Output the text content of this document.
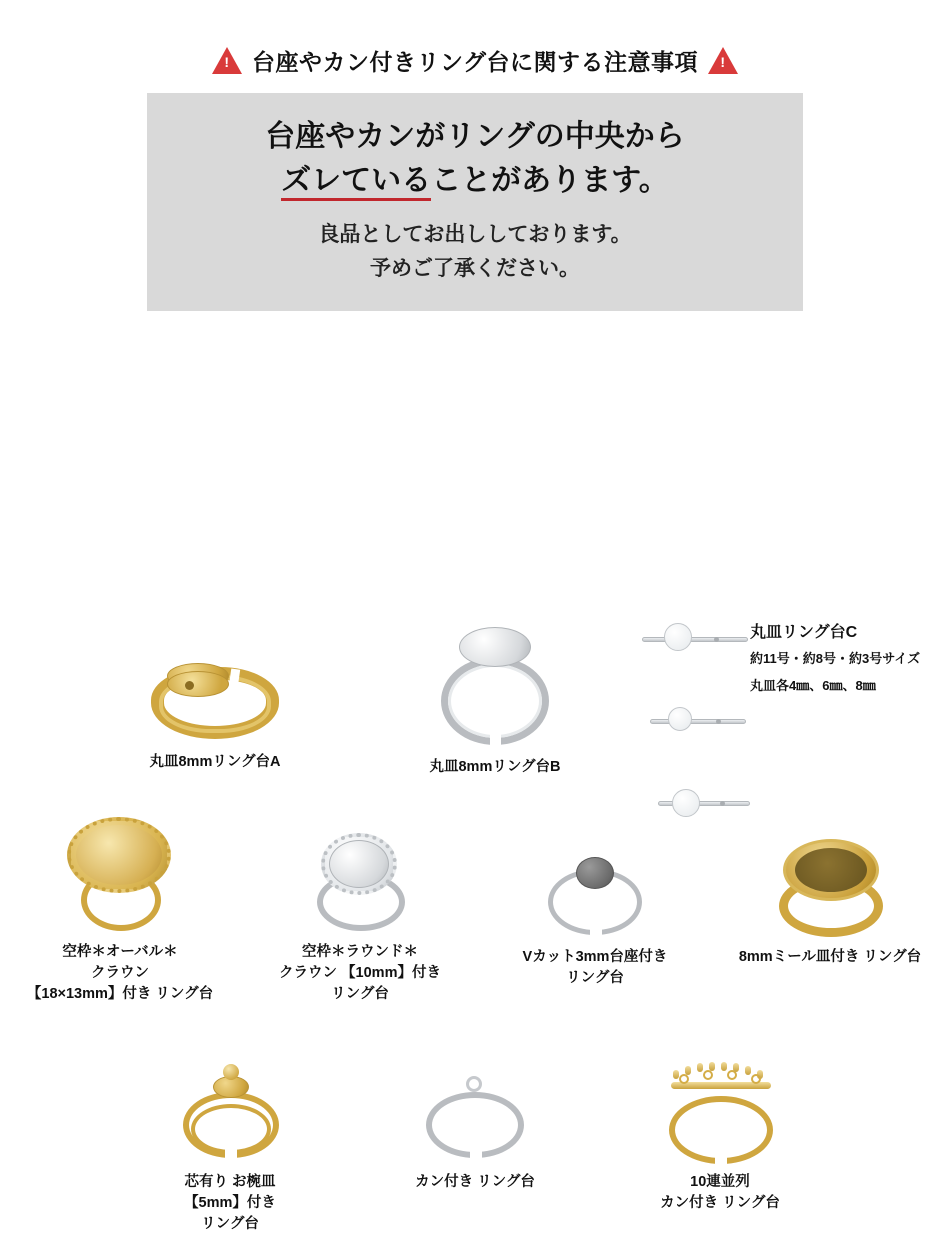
! 台座やカン付きリング台に関する注意事項	!
台座やカンがリングの中央から
ズレていることがあります。
良品としてお出ししております。
予めご了承ください。
丸皿8mmリング台A	丸皿8mmリング台B
丸皿リング台C
約11号・約8号・約3号サイズ
丸皿各4㎜、6㎜、8㎜
空枠＊オーバル＊
クラウン
【18×13mm】付き リング台
空枠＊ラウンド＊
クラウン 【10mm】付き
リング台
Vカット3mm台座付き
リング台
8mmミール皿付き リング台
芯有り お椀皿
【5mm】付き
リング台
カン付き リング台	10連並列
カン付き リング台
